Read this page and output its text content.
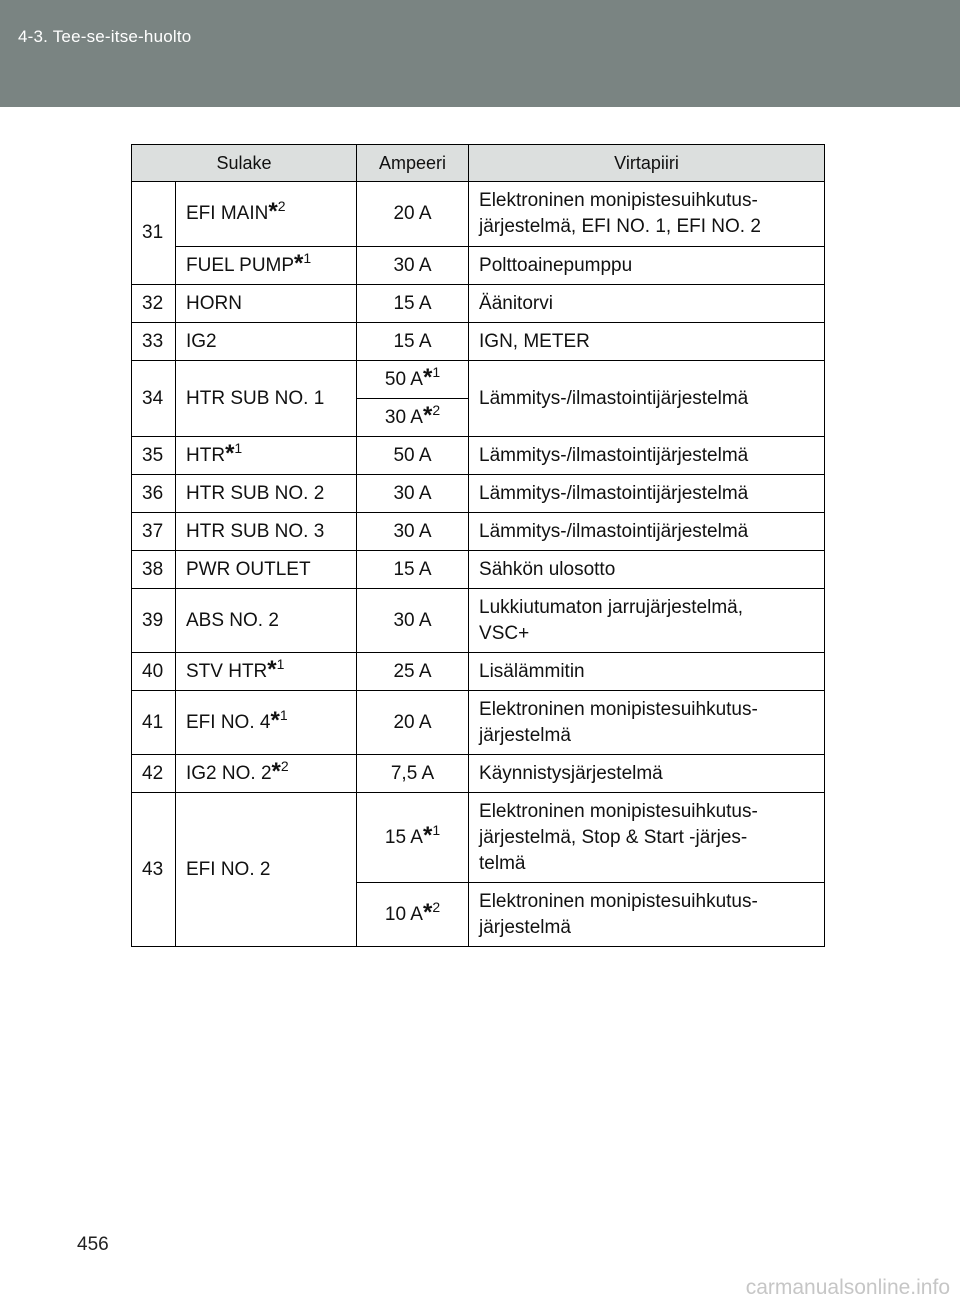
4-3. Tee-se-itse-huolto
Sulake		Ampeeri	Virtapiiri
31	EFI MAIN*$^2$	20 A	Elektroninen monipistesuihkutus-
järjestelmä, EFI NO. 1, EFI NO. 2
	FUEL PUMP*$^1$	30 A	Polttoainepumppu
32	HORN	15 A	Äänitorvi
33	IG2	15 A	IGN, METER
34	HTR SUB NO. 1	50 A*$^1$	Lämmitys-/ilmastointijärjestelmä
		30 A*$^2$
35	HTR*$^1$	50 A	Lämmitys-/ilmastointijärjestelmä
36	HTR SUB NO. 2	30 A	Lämmitys-/ilmastointijärjestelmä
37	HTR SUB NO. 3	30 A	Lämmitys-/ilmastointijärjestelmä
38	PWR OUTLET	15 A	Sähkön ulosotto
39	ABS NO. 2	30 A	Lukkiutumaton jarrujärjestelmä,
VSC+
40	STV HTR*$^1$	25 A	Lisälämmitin
41	EFI NO. 4*$^1$	20 A	Elektroninen monipistesuihkutus-
järjestelmä
42	IG2 NO. 2*$^2$	7,5 A	Käynnistysjärjestelmä
43	EFI NO. 2	15 A*$^1$	Elektroninen monipistesuihkutus-
järjestelmä, Stop & Start -järjes-
telmä
		10 A*$^2$	Elektroninen monipistesuihkutus-
järjestelmä
456
carmanualsonline.info
